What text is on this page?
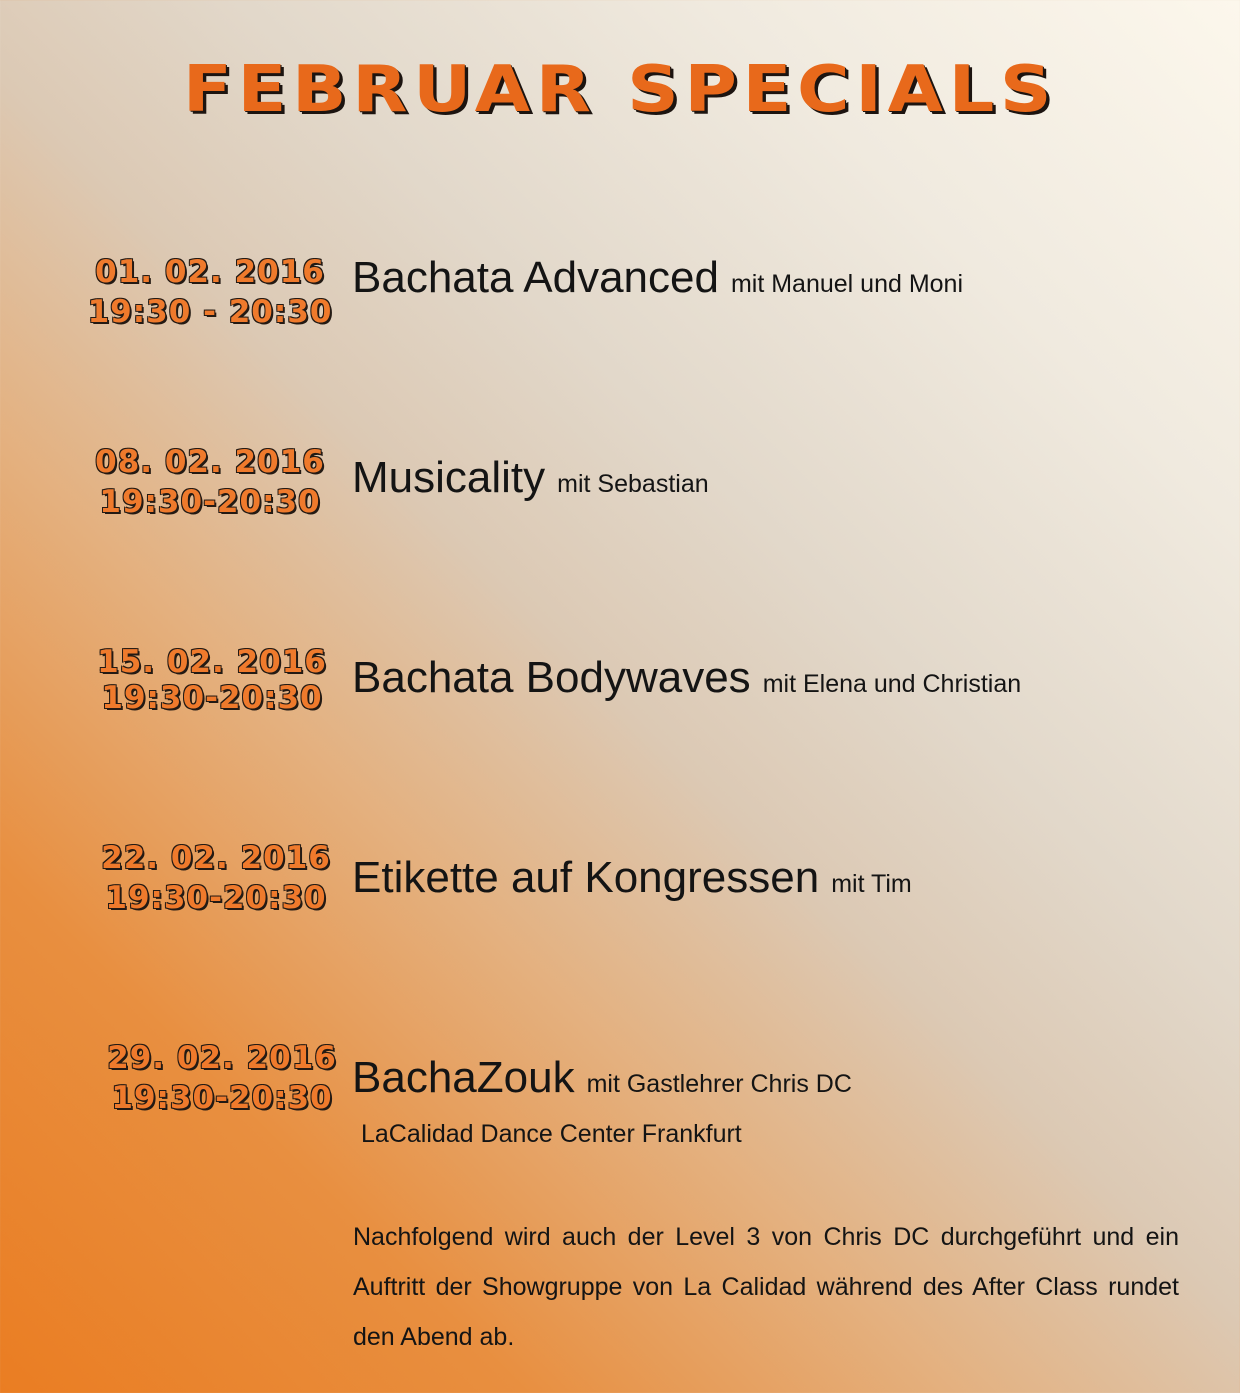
FEBRUAR SPECIALS
01. 02. 2016
19:30 - 20:30
Bachata Advanced mit Manuel und Moni
08. 02. 2016
19:30-20:30 Musicality mit Sebastian
15. 02. 2016
19:30-20:30 Bachata Bodywaves mit Elena und Christian
22. 02. 2016
19:30-20:30 Etikette auf Kongressen mit Tim
29. 02. 2016
19:30-20:30 BachaZouk mit Gastlehrer Chris DC
LaCalidad Dance Center Frankfurt
Nachfolgend wird auch der Level 3 von Chris DC durchgeführt und ein Auftritt der Showgruppe von La Calidad während des After Class rundet den Abend ab.
